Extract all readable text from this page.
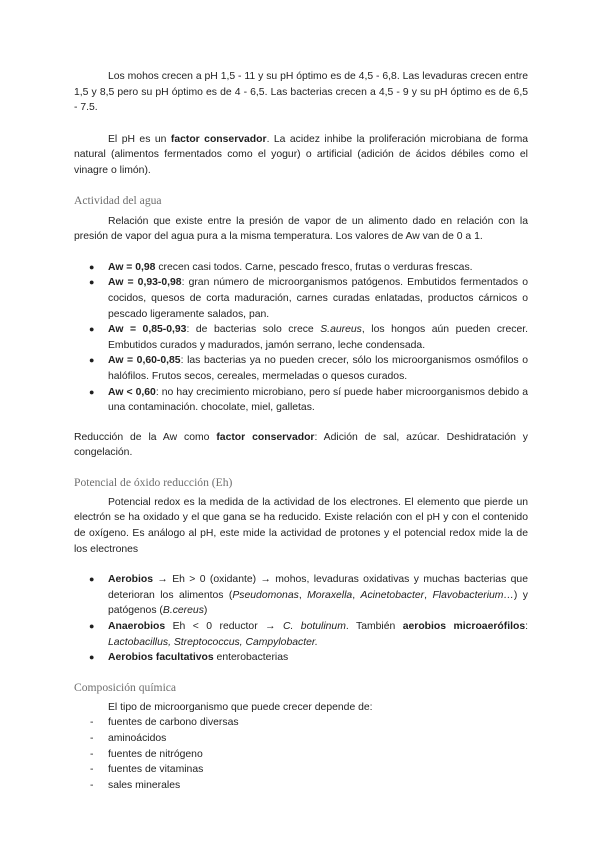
Los mohos crecen a pH 1,5 - 11 y su pH óptimo es de 4,5 - 6,8. Las levaduras crecen entre 1,5 y 8,5 pero su pH óptimo es de 4 - 6,5. Las bacterias crecen a 4,5 - 9 y su pH óptimo es de 6,5 - 7.5.

El pH es un factor conservador. La acidez inhibe la proliferación microbiana de forma natural (alimentos fermentados como el yogur) o artificial (adición de ácidos débiles como el vinagre o limón).

Actividad del agua

Relación que existe entre la presión de vapor de un alimento dado en relación con la presión de vapor del agua pura a la misma temperatura. Los valores de Aw van de 0 a 1.

● Aw = 0,98 crecen casi todos. Carne, pescado fresco, frutas o verduras frescas.
● Aw = 0,93-0,98: gran número de microorganismos patógenos. Embutidos fermentados o cocidos, quesos de corta maduración, carnes curadas enlatadas, productos cárnicos o pescado ligeramente salados, pan.
● Aw = 0,85-0,93: de bacterias solo crece S.aureus, los hongos aún pueden crecer. Embutidos curados y madurados, jamón serrano, leche condensada.
● Aw = 0,60-0,85: las bacterias ya no pueden crecer, sólo los microorganismos osmófilos o halófilos. Frutos secos, cereales, mermeladas o quesos curados.
● Aw < 0,60: no hay crecimiento microbiano, pero sí puede haber microorganismos debido a una contaminación. chocolate, miel, galletas.

Reducción de la Aw como factor conservador: Adición de sal, azúcar. Deshidratación y congelación.

Potencial de óxido reducción (Eh)

Potencial redox es la medida de la actividad de los electrones. El elemento que pierde un electrón se ha oxidado y el que gana se ha reducido. Existe relación con el pH y con el contenido de oxígeno. Es análogo al pH, este mide la actividad de protones y el potencial redox mide la de los electrones

● Aerobios → Eh > 0 (oxidante) → mohos, levaduras oxidativas y muchas bacterias que deterioran los alimentos (Pseudomonas, Moraxella, Acinetobacter, Flavobacterium…) y patógenos (B.cereus)
● Anaerobios Eh < 0 reductor → C. botulinum. También aerobios microaerófilos: Lactobacillus, Streptococcus, Campylobacter.
● Aerobios facultativos enterobacterias
Composición química

El tipo de microorganismo que puede crecer depende de:

- fuentes de carbono diversas
- aminoácidos
- fuentes de nitrógeno
- fuentes de vitaminas
- sales minerales
